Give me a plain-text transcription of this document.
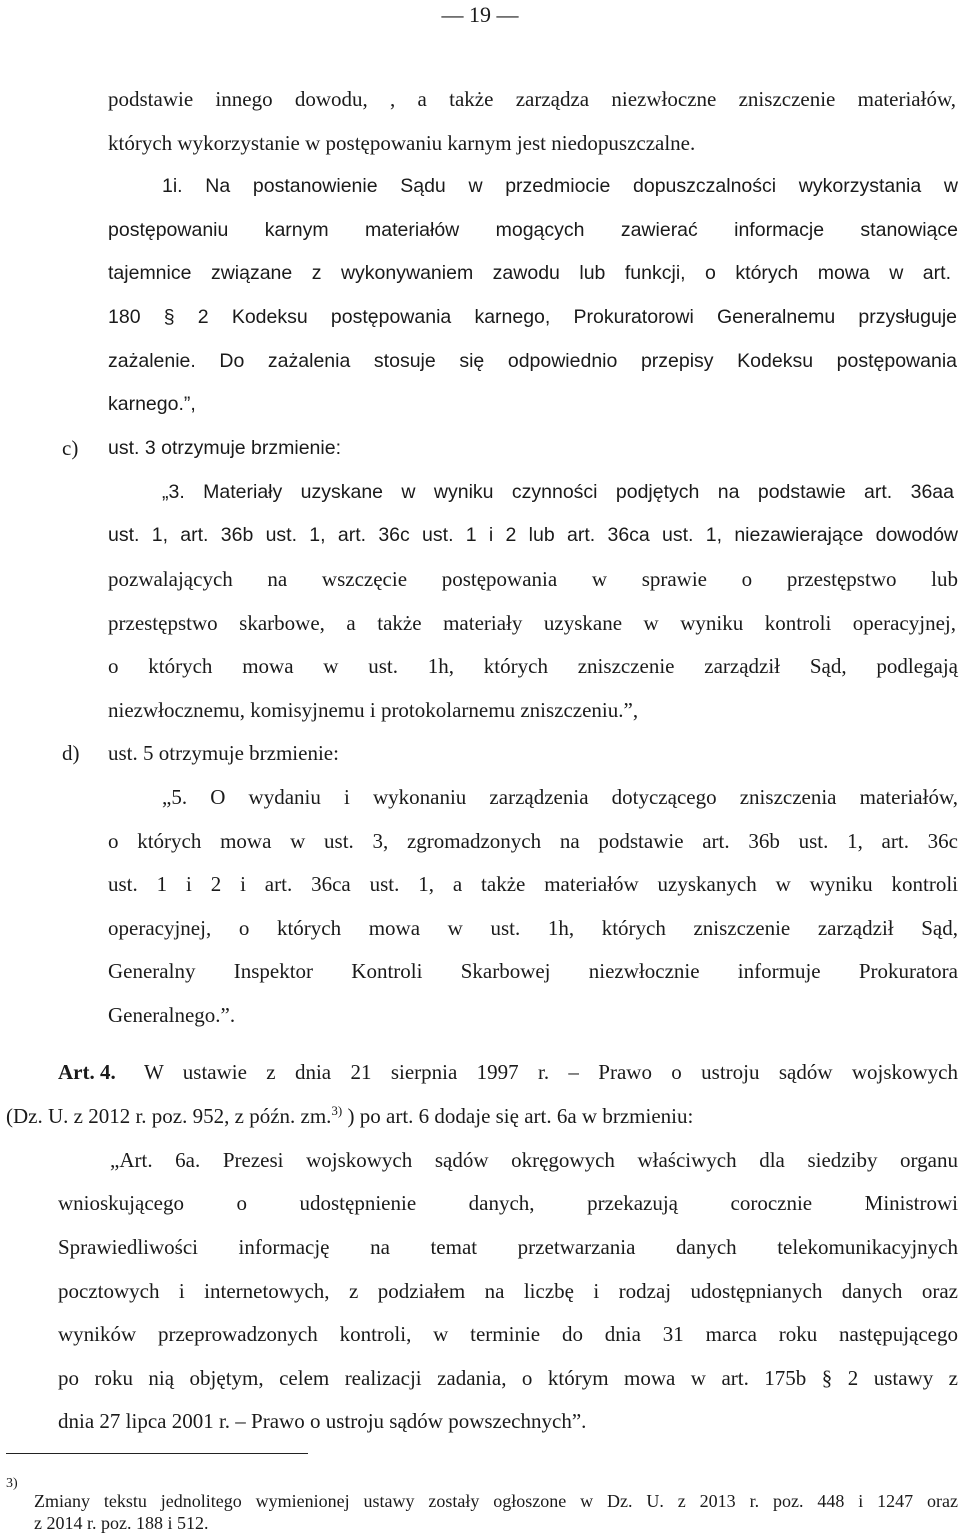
— 19 —
podstawie innego dowodu, , a także zarządza niezwłoczne zniszczenie materiałów,
których wykorzystanie w postępowaniu karnym jest niedopuszczalne.
1i. Na postanowienie Sądu w przedmiocie dopuszczalności wykorzystania w
postępowaniu karnym materiałów mogących zawierać informacje stanowiące
tajemnice związane z wykonywaniem zawodu lub funkcji, o których mowa w art.
180 § 2 Kodeksu postępowania karnego, Prokuratorowi Generalnemu przysługuje
zażalenie. Do zażalenia stosuje się odpowiednio przepisy Kodeksu postępowania
karnego.”,
c) ust. 3 otrzymuje brzmienie:
„3. Materiały uzyskane w wyniku czynności podjętych na podstawie art. 36aa
ust. 1, art. 36b ust. 1, art. 36c ust. 1 i 2 lub art. 36ca ust. 1, niezawierające dowodów
pozwalających na wszczęcie postępowania w sprawie o przestępstwo lub
przestępstwo skarbowe, a także materiały uzyskane w wyniku kontroli operacyjnej,
o których mowa w ust. 1h, których zniszczenie zarządził Sąd, podlegają
niezwłocznemu, komisyjnemu i protokolarnemu zniszczeniu.”,
d) ust. 5 otrzymuje brzmienie:
„5. O wydaniu i wykonaniu zarządzenia dotyczącego zniszczenia materiałów,
o których mowa w ust. 3, zgromadzonych na podstawie art. 36b ust. 1, art. 36c
ust. 1 i 2 i art. 36ca ust. 1, a także materiałów uzyskanych w wyniku kontroli
operacyjnej, o których mowa w ust. 1h, których zniszczenie zarządził Sąd,
Generalny Inspektor Kontroli Skarbowej niezwłocznie informuje Prokuratora
Generalnego.”.
Art. 4. W ustawie z dnia 21 sierpnia 1997 r. – Prawo o ustroju sądów wojskowych
(Dz. U. z 2012 r. poz. 952, z późn. zm.$^{3)}$ ) po art. 6 dodaje się art. 6a w brzmieniu:
„Art. 6a. Prezesi wojskowych sądów okręgowych właściwych dla siedziby organu
wnioskującego o udostępnienie danych, przekazują corocznie Ministrowi
Sprawiedliwości informację na temat przetwarzania danych telekomunikacyjnych
pocztowych i internetowych, z podziałem na liczbę i rodzaj udostępnianych danych oraz
wyników przeprowadzonych kontroli, w terminie do dnia 31 marca roku następującego
po roku nią objętym, celem realizacji zadania, o którym mowa w art. 175b § 2 ustawy z
dnia 27 lipca 2001 r. – Prawo o ustroju sądów powszechnych”.
3)
Zmiany tekstu jednolitego wymienionej ustawy zostały ogłoszone w Dz. U. z 2013 r. poz. 448 i 1247 oraz
z 2014 r. poz. 188 i 512.
